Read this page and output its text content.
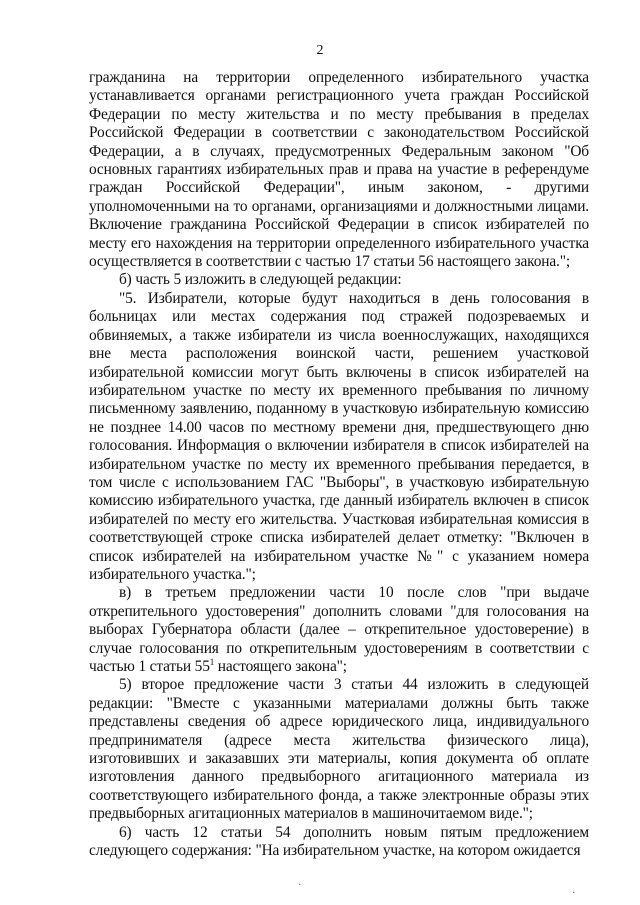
2

гражданина на территории определенного избирательного участка устанавливается органами регистрационного учета граждан Российской Федерации по месту жительства и по месту пребывания в пределах Российской Федерации в соответствии с законодательством Российской Федерации, а в случаях, предусмотренных Федеральным законом "Об основных гарантиях избирательных прав и права на участие в референдуме граждан Российской Федерации", иным законом, - другими уполномоченными на то органами, организациями и должностными лицами. Включение гражданина Российской Федерации в список избирателей по месту его нахождения на территории определенного избирательного участка осуществляется в соответствии с частью 17 статьи 56 настоящего закона.";

б) часть 5 изложить в следующей редакции:

"5. Избиратели, которые будут находиться в день голосования в больницах или местах содержания под стражей подозреваемых и обвиняемых, а также избиратели из числа военнослужащих, находящихся вне места расположения воинской части, решением участковой избирательной комиссии могут быть включены в список избирателей на избирательном участке по месту их временного пребывания по личному письменному заявлению, поданному в участковую избирательную комиссию не позднее 14.00 часов по местному времени дня, предшествующего дню голосования. Информация о включении избирателя в список избирателей на избирательном участке по месту их временного пребывания передается, в том числе с использованием ГАС "Выборы", в участковую избирательную комиссию избирательного участка, где данный избиратель включен в список избирателей по месту его жительства. Участковая избирательная комиссия в соответствующей строке списка избирателей делает отметку: "Включен в список избирателей на избирательном участке №" с указанием номера избирательного участка.";

в) в третьем предложении части 10 после слов "при выдаче открепительного удостоверения" дополнить словами "для голосования на выборах Губернатора области (далее – открепительное удостоверение) в случае голосования по открепительным удостоверениям в соответствии с частью 1 статьи $55^1$ настоящего закона";

5) второе предложение части 3 статьи 44 изложить в следующей редакции: "Вместе с указанными материалами должны быть также представлены сведения об адресе юридического лица, индивидуального предпринимателя (адресе места жительства физического лица), изготовивших и заказавших эти материалы, копия документа об оплате изготовления данного предвыборного агитационного материала из соответствующего избирательного фонда, а также электронные образы этих предвыборных агитационных материалов в машиночитаемом виде.";

6) часть 12 статьи 54 дополнить новым пятым предложением следующего содержания: "На избирательном участке, на котором ожидается

·
·
